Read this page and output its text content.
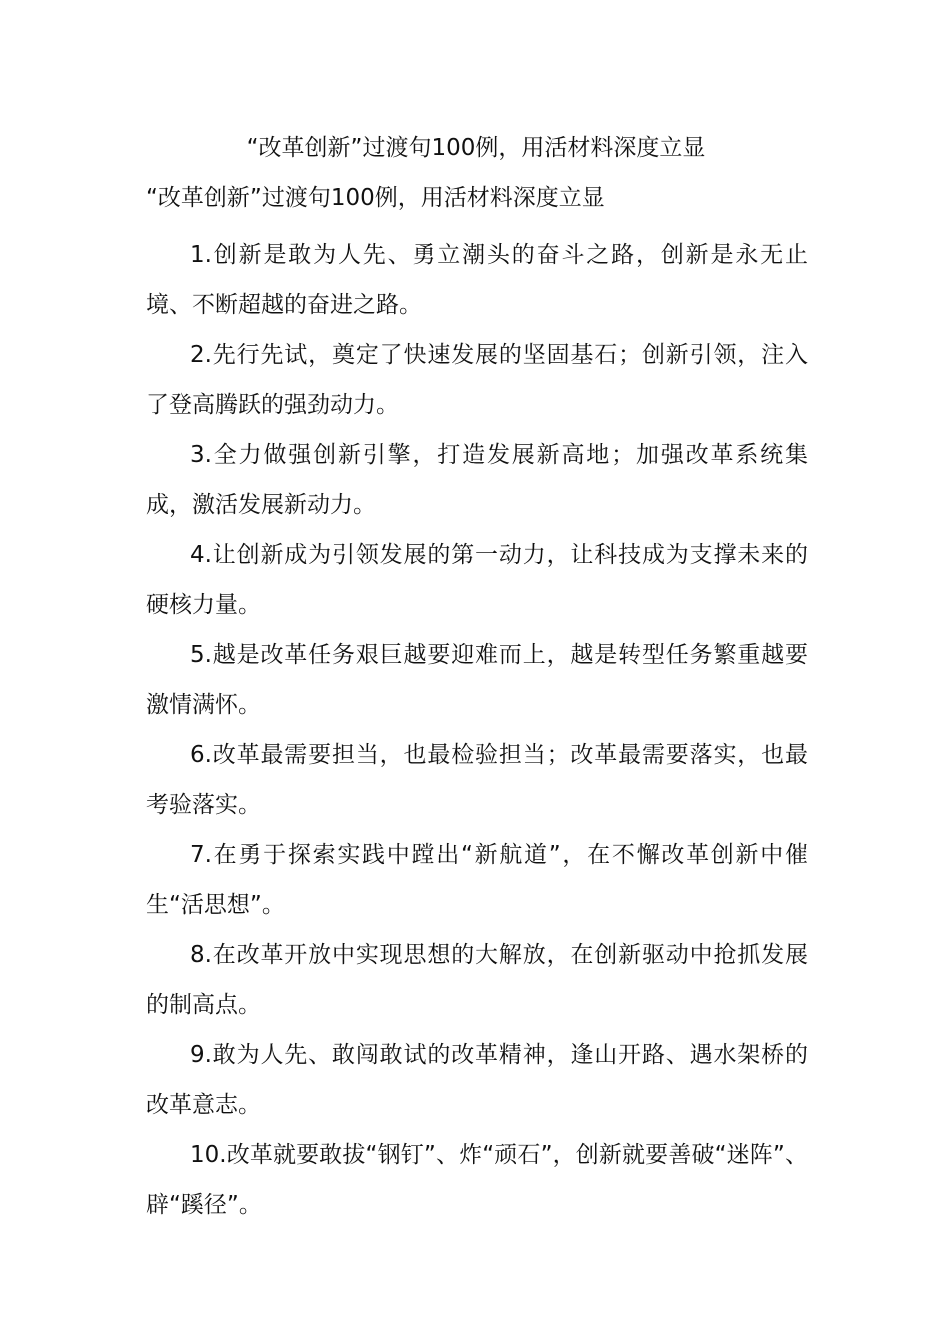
“改革创新”过渡句100例，用活材料深度立显
“改革创新”过渡句100例，用活材料深度立显

1.创新是敢为人先、勇立潮头的奋斗之路，创新是永无止境、不断超越的奋进之路。

2.先行先试，奠定了快速发展的坚固基石；创新引领，注入了登高腾跃的强劲动力。

3.全力做强创新引擎，打造发展新高地；加强改革系统集成，激活发展新动力。

4.让创新成为引领发展的第一动力，让科技成为支撑未来的硬核力量。

5.越是改革任务艰巨越要迎难而上，越是转型任务繁重越要激情满怀。

6.改革最需要担当，也最检验担当；改革最需要落实，也最考验落实。

7.在勇于探索实践中蹚出“新航道”，在不懈改革创新中催生“活思想”。

8.在改革开放中实现思想的大解放，在创新驱动中抢抓发展的制高点。

9.敢为人先、敢闯敢试的改革精神，逢山开路、遇水架桥的改革意志。

10.改革就要敢拔“钢钉”、炸“顽石”，创新就要善破“迷阵”、辟“蹊径”。
